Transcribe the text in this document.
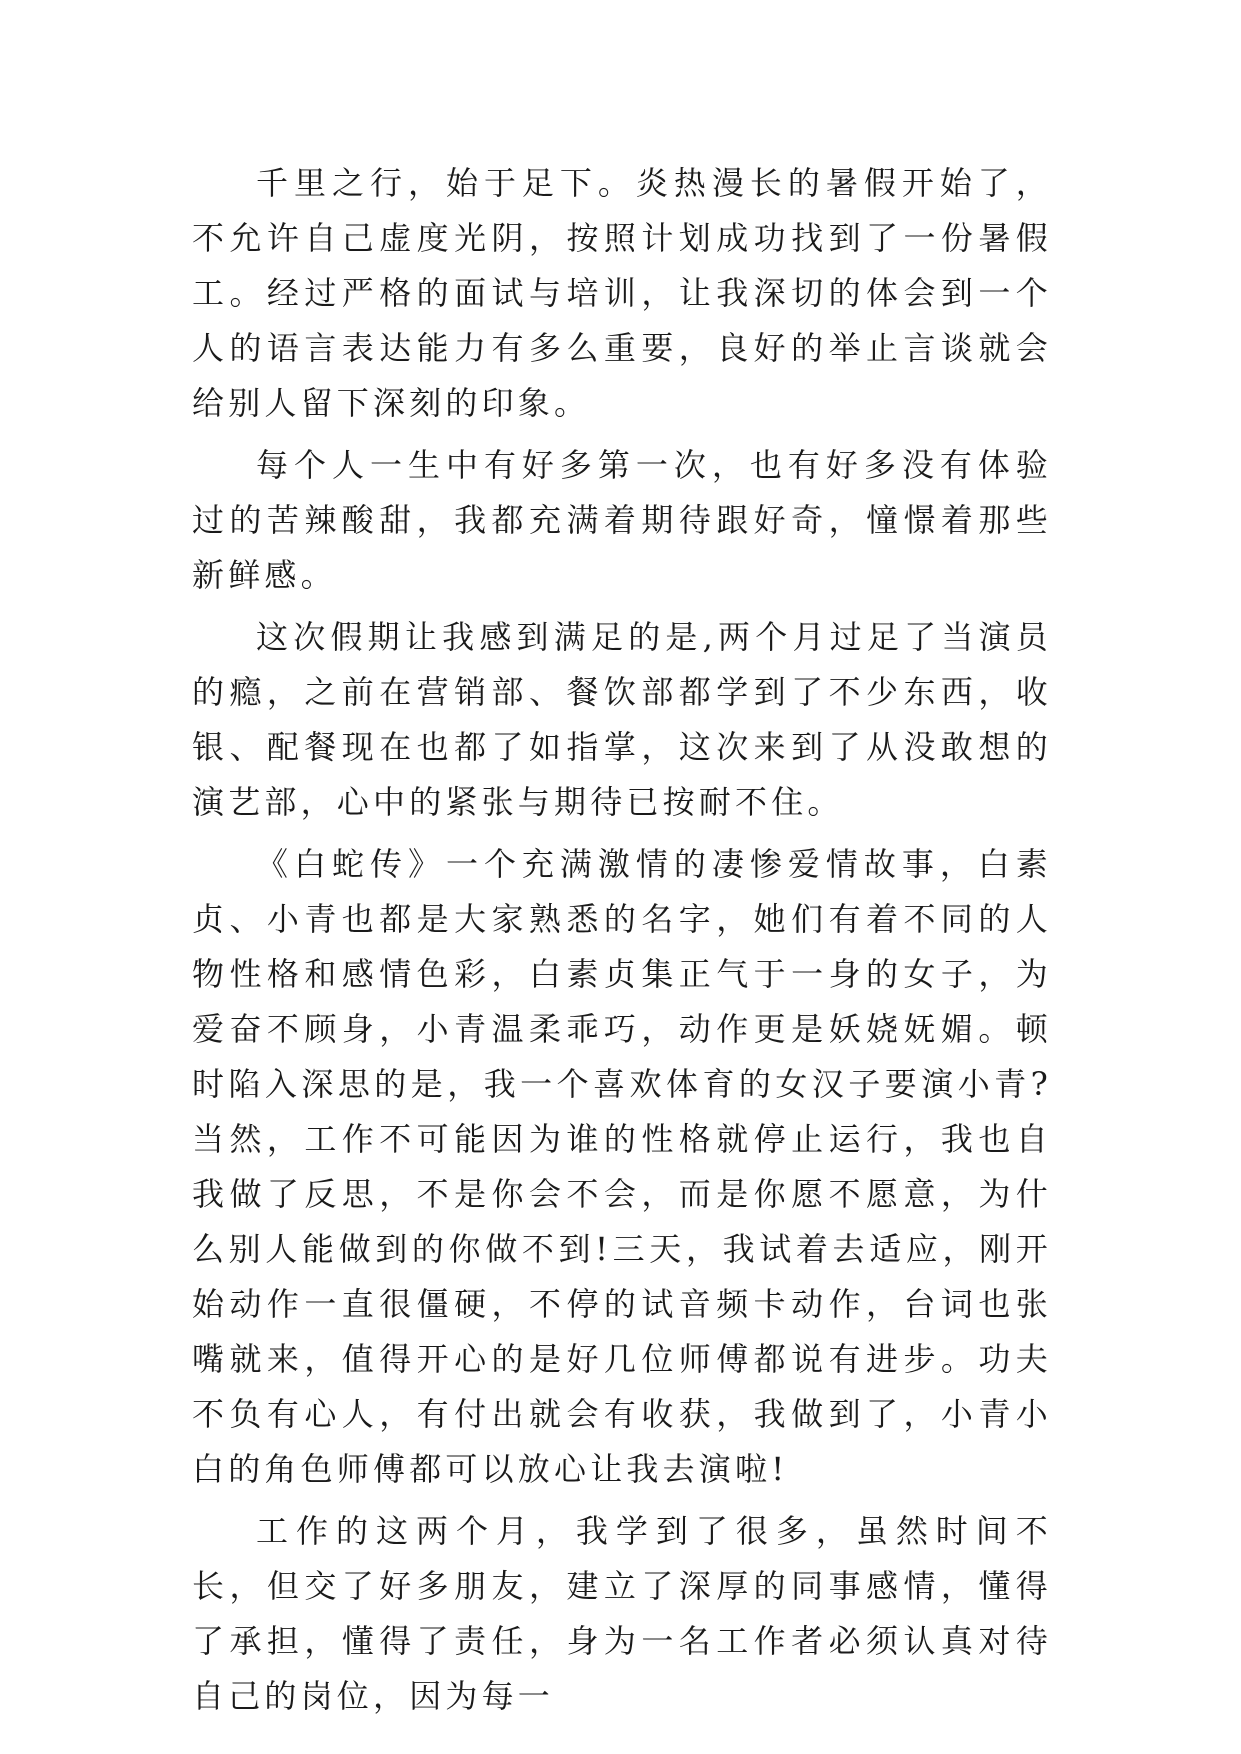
千里之行，始于足下。炎热漫长的暑假开始了，不允许自己虚度光阴，按照计划成功找到了一份暑假工。经过严格的面试与培训，让我深切的体会到一个人的语言表达能力有多么重要，良好的举止言谈就会给别人留下深刻的印象。

每个人一生中有好多第一次，也有好多没有体验过的苦辣酸甜，我都充满着期待跟好奇，憧憬着那些新鲜感。

这次假期让我感到满足的是,两个月过足了当演员的瘾，之前在营销部、餐饮部都学到了不少东西，收银、配餐现在也都了如指掌，这次来到了从没敢想的演艺部，心中的紧张与期待已按耐不住。

《白蛇传》一个充满激情的凄惨爱情故事，白素贞、小青也都是大家熟悉的名字，她们有着不同的人物性格和感情色彩，白素贞集正气于一身的女子，为爱奋不顾身，小青温柔乖巧，动作更是妖娆妩媚。顿时陷入深思的是，我一个喜欢体育的女汉子要演小青?当然，工作不可能因为谁的性格就停止运行，我也自我做了反思，不是你会不会，而是你愿不愿意，为什么别人能做到的你做不到!三天，我试着去适应，刚开始动作一直很僵硬，不停的试音频卡动作，台词也张嘴就来，值得开心的是好几位师傅都说有进步。功夫不负有心人，有付出就会有收获，我做到了，小青小白的角色师傅都可以放心让我去演啦!

工作的这两个月，我学到了很多，虽然时间不长，但交了好多朋友，建立了深厚的同事感情，懂得了承担，懂得了责任，身为一名工作者必须认真对待自己的岗位，因为每一
